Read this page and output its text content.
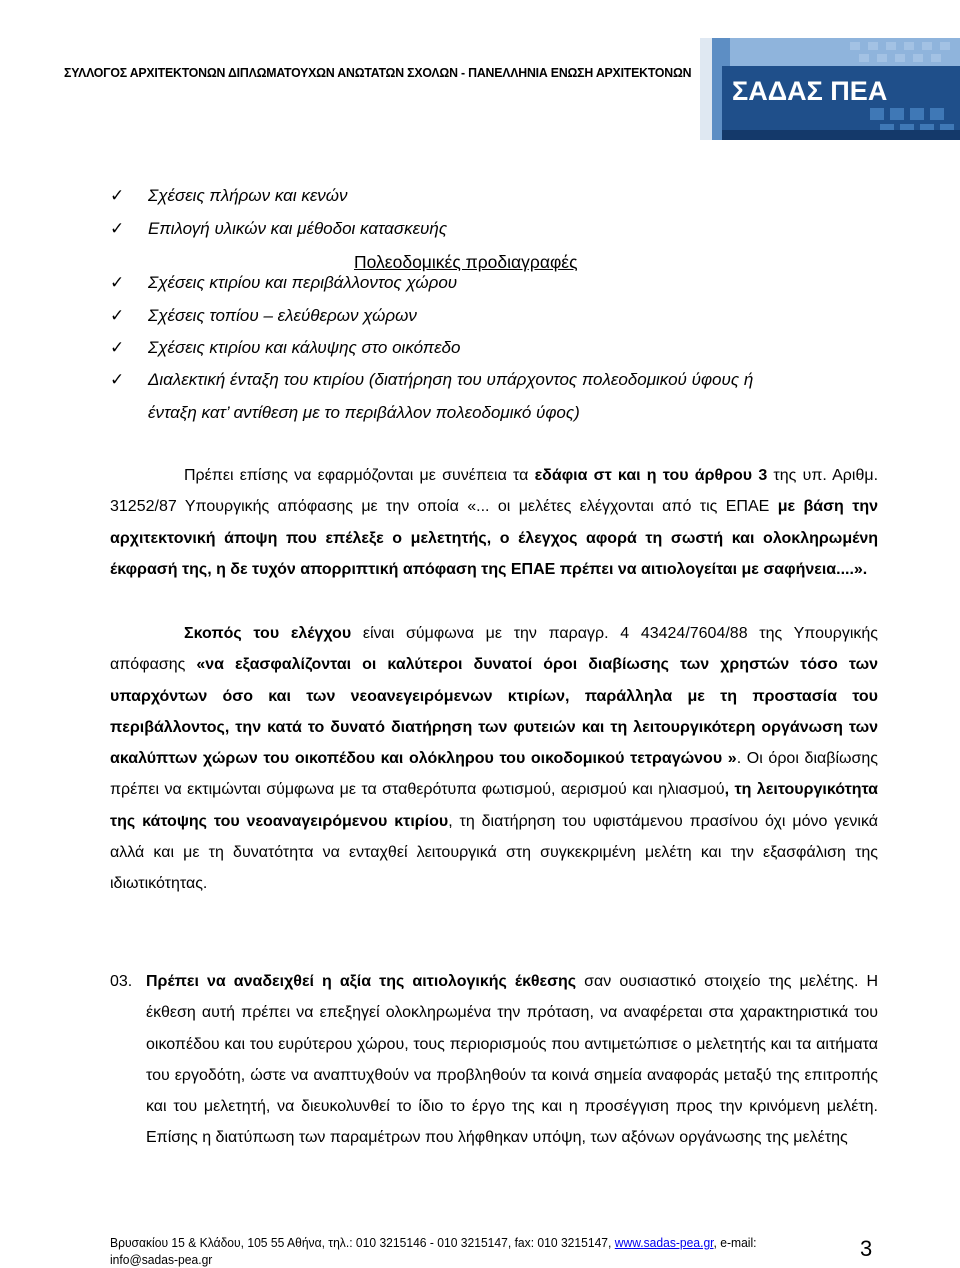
ΣΥΛΛΟΓΟΣ ΑΡΧΙΤΕΚΤΟΝΩΝ ΔΙΠΛΩΜΑΤΟΥΧΩΝ ΑΝΩΤΑΤΩΝ ΣΧΟΛΩΝ - ΠΑΝΕΛΛΗΝΙΑ ΕΝΩΣΗ ΑΡΧΙΤΕΚΤΟΝΩΝ
ΣΑΔΑΣ ΠΕΑ
✓ Σχέσεις πλήρων και κενών
✓ Επιλογή υλικών και μέθοδοι κατασκευής
Πολεοδομικές προδιαγραφές
✓ Σχέσεις κτιρίου και περιβάλλοντος χώρου
✓ Σχέσεις τοπίου – ελεύθερων χώρων
✓ Σχέσεις κτιρίου και κάλυψης στο οικόπεδο
✓ Διαλεκτική ένταξη του κτιρίου (διατήρηση του υπάρχοντος πολεοδομικού ύφους ή
ένταξη κατ’ αντίθεση με το περιβάλλον πολεοδομικό ύφος)
Πρέπει επίσης να εφαρμόζονται με συνέπεια τα εδάφια στ και η του άρθρου 3 της υπ. Αριθμ. 31252/87 Υπουργικής απόφασης με την οποία «... οι μελέτες ελέγχονται από τις ΕΠΑΕ με βάση την αρχιτεκτονική άποψη που επέλεξε ο μελετητής, ο έλεγχος αφορά τη σωστή και ολοκληρωμένη έκφρασή της, η δε τυχόν απορριπτική απόφαση της ΕΠΑΕ πρέπει να αιτιολογείται με σαφήνεια....».
Σκοπός του ελέγχου είναι σύμφωνα με την παραγρ. 4 43424/7604/88 της Υπουργικής απόφασης «να εξασφαλίζονται οι καλύτεροι δυνατοί όροι διαβίωσης των χρηστών τόσο των υπαρχόντων όσο και των νεοανεγειρόμενων κτιρίων, παράλληλα με τη προστασία του περιβάλλοντος, την κατά το δυνατό διατήρηση των φυτειών και τη λειτουργικότερη οργάνωση των ακαλύπτων χώρων του οικοπέδου και ολόκληρου του οικοδομικού τετραγώνου ». Οι όροι διαβίωσης πρέπει να εκτιμώνται σύμφωνα με τα σταθερότυπα φωτισμού, αερισμού και ηλιασμού, τη λειτουργικότητα της κάτοψης του νεοαναγειρόμενου κτιρίου, τη διατήρηση του υφιστάμενου πρασίνου όχι μόνο γενικά αλλά και με τη δυνατότητα να ενταχθεί λειτουργικά στη συγκεκριμένη μελέτη και την εξασφάλιση της ιδιωτικότητας.
03. Πρέπει να αναδειχθεί η αξία της αιτιολογικής έκθεσης σαν ουσιαστικό στοιχείο της μελέτης. Η έκθεση αυτή πρέπει να επεξηγεί ολοκληρωμένα την πρόταση, να αναφέρεται στα χαρακτηριστικά του οικοπέδου και του ευρύτερου χώρου, τους περιορισμούς που αντιμετώπισε ο μελετητής και τα αιτήματα του εργοδότη, ώστε να αναπτυχθούν να προβληθούν τα κοινά σημεία αναφοράς μεταξύ της επιτροπής και του μελετητή, να διευκολυνθεί το ίδιο το έργο της και η προσέγγιση προς την κρινόμενη μελέτη. Επίσης η διατύπωση των παραμέτρων που λήφθηκαν υπόψη, των αξόνων οργάνωσης της μελέτης
Βρυσακίου 15 & Κλάδου, 105 55 Αθήνα, τηλ.: 010 3215146 - 010 3215147, fax: 010 3215147, www.sadas-pea.gr, e-mail: info@sadas-pea.gr	3
